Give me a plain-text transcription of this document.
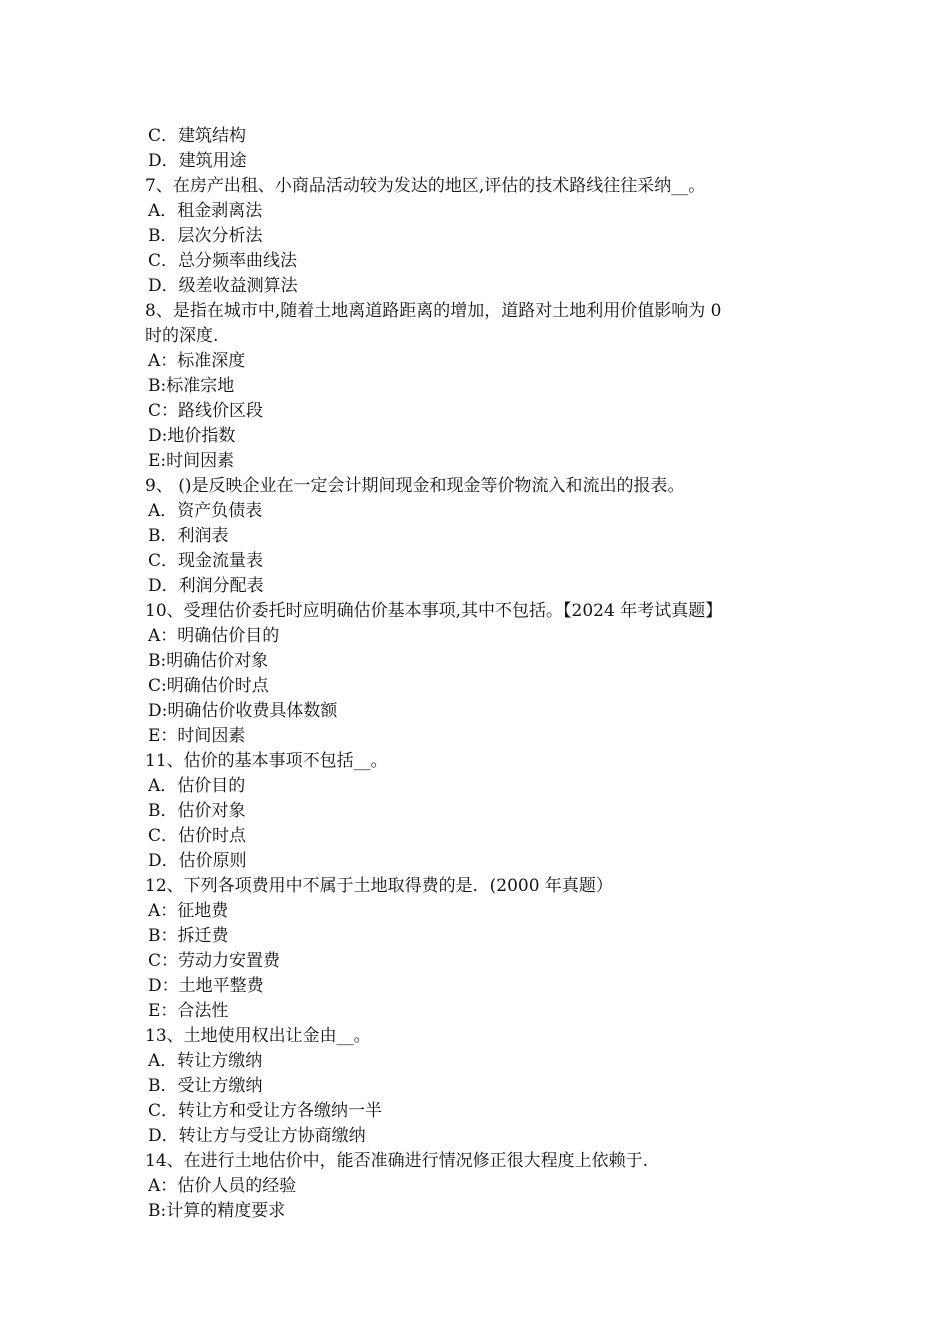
C．建筑结构
D．建筑用途
7、在房产出租、小商品活动较为发达的地区,评估的技术路线往往采纳__。
A．租金剥离法
B．层次分析法
C．总分频率曲线法
D．级差收益测算法
8、是指在城市中,随着土地离道路距离的增加，道路对土地利用价值影响为 0
时的深度.
A：标准深度
B:标准宗地
C：路线价区段
D:地价指数
E:时间因素
9、 ()是反映企业在一定会计期间现金和现金等价物流入和流出的报表。
A．资产负债表
B．利润表
C．现金流量表
D．利润分配表
10、受理估价委托时应明确估价基本事项,其中不包括。【2024 年考试真题】
A：明确估价目的
B:明确估价对象
C:明确估价时点
D:明确估价收费具体数额
E：时间因素
11、估价的基本事项不包括__。
A．估价目的
B．估价对象
C．估价时点
D．估价原则
12、下列各项费用中不属于土地取得费的是．(2000 年真题）
A：征地费
B：拆迁费
C：劳动力安置费
D：土地平整费
E：合法性
13、土地使用权出让金由__。
A．转让方缴纳
B．受让方缴纳
C．转让方和受让方各缴纳一半
D．转让方与受让方协商缴纳
14、在进行土地估价中，能否准确进行情况修正很大程度上依赖于.
A：估价人员的经验
B:计算的精度要求
